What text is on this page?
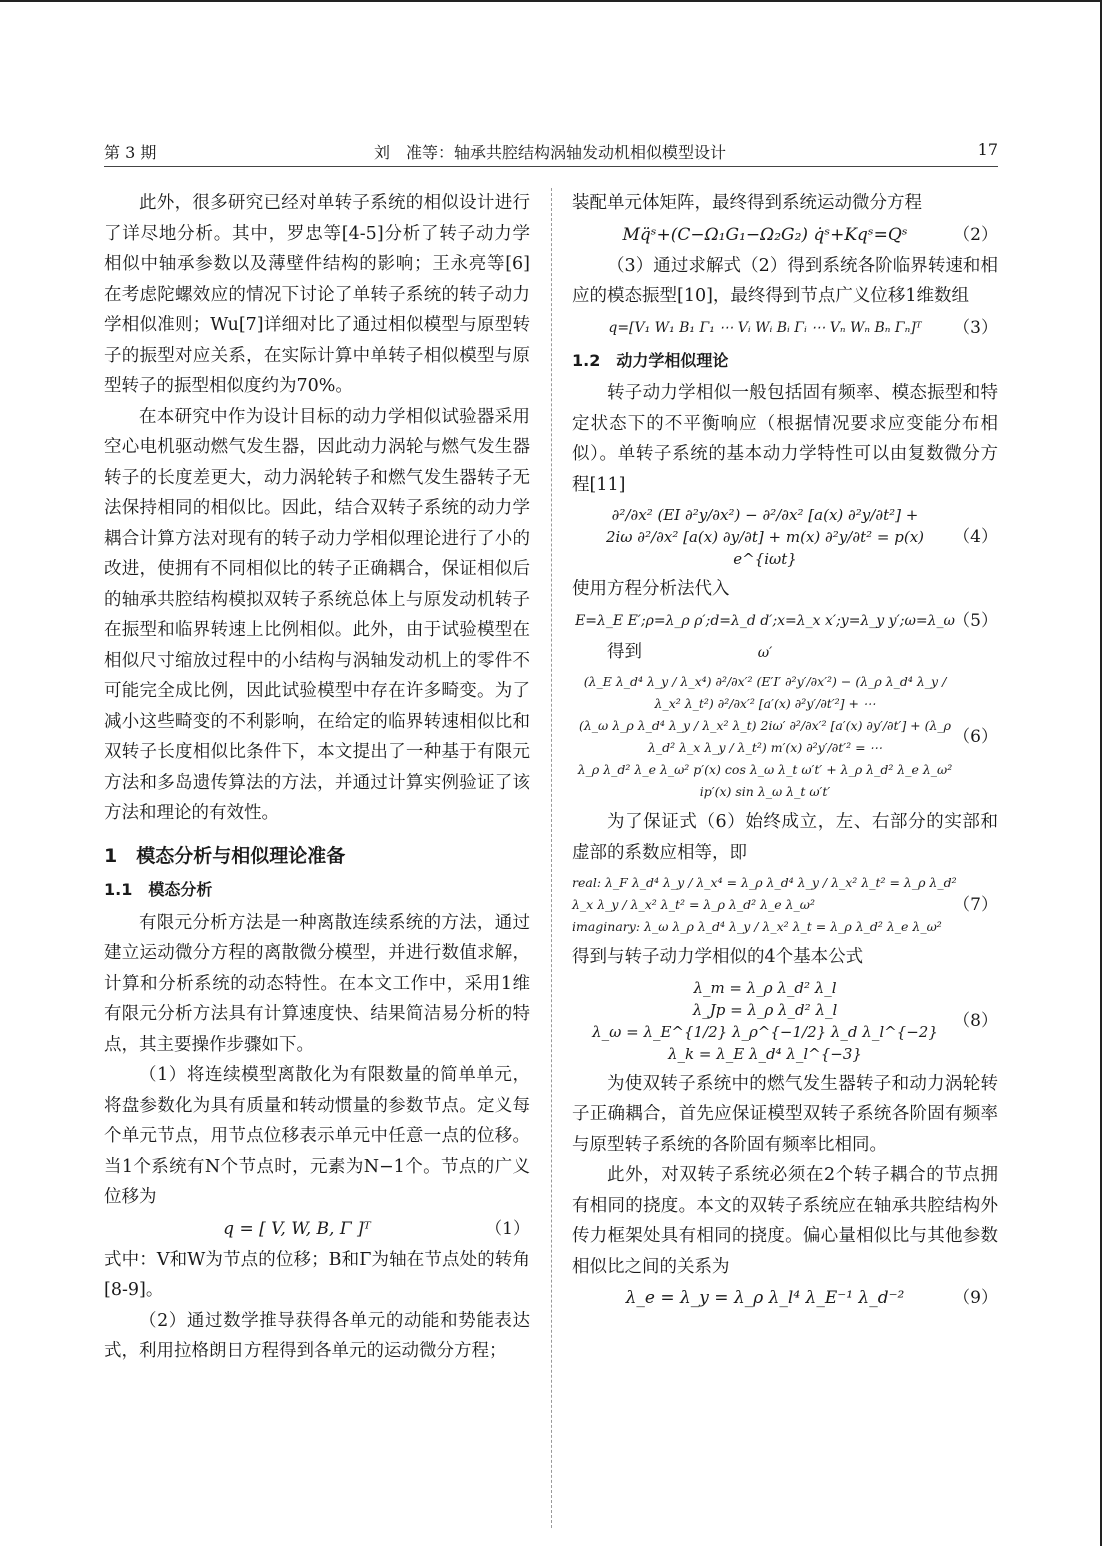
第 3 期	刘　准等：轴承共腔结构涡轴发动机相似模型设计	17

此外，很多研究已经对单转子系统的相似设计进行了详尽地分析。其中，罗忠等[4-5]分析了转子动力学相似中轴承参数以及薄壁件结构的影响；王永亮等[6]在考虑陀螺效应的情况下讨论了单转子系统的转子动力学相似准则；Wu[7]详细对比了通过相似模型与原型转子的振型对应关系，在实际计算中单转子相似模型与原型转子的振型相似度约为70%。

在本研究中作为设计目标的动力学相似试验器采用空心电机驱动燃气发生器，因此动力涡轮与燃气发生器转子的长度差更大，动力涡轮转子和燃气发生器转子无法保持相同的相似比。因此，结合双转子系统的动力学耦合计算方法对现有的转子动力学相似理论进行了小的改进，使拥有不同相似比的转子正确耦合，保证相似后的轴承共腔结构模拟双转子系统总体上与原发动机转子在振型和临界转速上比例相似。此外，由于试验模型在相似尺寸缩放过程中的小结构与涡轴发动机上的零件不可能完全成比例，因此试验模型中存在许多畸变。为了减小这些畸变的不利影响，在给定的临界转速相似比和双转子长度相似比条件下，本文提出了一种基于有限元方法和多岛遗传算法的方法，并通过计算实例验证了该方法和理论的有效性。

1　模态分析与相似理论准备
1.1　模态分析

有限元分析方法是一种离散连续系统的方法，通过建立运动微分方程的离散微分模型，并进行数值求解，计算和分析系统的动态特性。在本文工作中，采用1维有限元分析方法具有计算速度快、结果简洁易分析的特点，其主要操作步骤如下。

（1）将连续模型离散化为有限数量的简单单元，将盘参数化为具有质量和转动惯量的参数节点。定义每个单元节点，用节点位移表示单元中任意一点的位移。当1个系统有N个节点时，元素为N−1个。节点的广义位移为

q = [ V, W, B, Γ ]ᵀ	（1）

式中：V和W为节点的位移；B和Γ为轴在节点处的转角[8-9]。

（2）通过数学推导获得各单元的动能和势能表达式，利用拉格朗日方程得到各单元的运动微分方程；

装配单元体矩阵，最终得到系统运动微分方程

Mq̈ˢ+(C−Ω₁G₁−Ω₂G₂) q̇ˢ+Kqˢ=Qˢ	（2）

（3）通过求解式（2）得到系统各阶临界转速和相应的模态振型[10]，最终得到节点广义位移1维数组

q=[V₁ W₁ B₁ Γ₁ ⋯ Vᵢ Wᵢ Bᵢ Γᵢ ⋯ Vₙ Wₙ Bₙ Γₙ]ᵀ	（3）
1.2　动力学相似理论

转子动力学相似一般包括固有频率、模态振型和特定状态下的不平衡响应（根据情况要求应变能分布相似）。单转子系统的基本动力学特性可以由复数微分方程[11]

∂²/∂x² (EI ∂²y/∂x²) − ∂²/∂x² [a(x) ∂²y/∂t²] +
2iω ∂²/∂x² [a(x) ∂y/∂t] + m(x) ∂²y/∂t² = p(x) e^{iωt}
（4）

使用方程分析法代入

E=λ_E E′;ρ=λ_ρ ρ′;d=λ_d d′;x=λ_x x′;y=λ_y y′;ω=λ_ω ω′
（5）

得到

(λ_E λ_d⁴ λ_y / λ_x⁴) ∂²/∂x′² (E′I′ ∂²y′/∂x′²) − (λ_ρ λ_d⁴ λ_y / λ_x² λ_t²) ∂²/∂x′² [a′(x) ∂²y′/∂t′²] + ⋯
(λ_ω λ_ρ λ_d⁴ λ_y / λ_x² λ_t) 2iω′ ∂²/∂x′² [a′(x) ∂y′/∂t′] + (λ_ρ λ_d² λ_x λ_y / λ_t²) m′(x) ∂²y′/∂t′² = ⋯
λ_ρ λ_d² λ_e λ_ω² p′(x) cos λ_ω λ_t ω′t′ + λ_ρ λ_d² λ_e λ_ω² ip′(x) sin λ_ω λ_t ω′t′
（6）

为了保证式（6）始终成立，左、右部分的实部和虚部的系数应相等，即

real: λ_F λ_d⁴ λ_y / λ_x⁴ = λ_ρ λ_d⁴ λ_y / λ_x² λ_t² = λ_ρ λ_d² λ_x λ_y / λ_x² λ_t² = λ_ρ λ_d² λ_e λ_ω²
imaginary: λ_ω λ_ρ λ_d⁴ λ_y / λ_x² λ_t = λ_ρ λ_d² λ_e λ_ω²
（7）

得到与转子动力学相似的4个基本公式

λ_m = λ_ρ λ_d² λ_l
λ_Jp = λ_ρ λ_d² λ_l
λ_ω = λ_E^{1/2} λ_ρ^{−1/2} λ_d λ_l^{−2}
λ_k = λ_E λ_d⁴ λ_l^{−3}
（8）

为使双转子系统中的燃气发生器转子和动力涡轮转子正确耦合，首先应保证模型双转子系统各阶固有频率与原型转子系统的各阶固有频率比相同。

此外，对双转子系统必须在2个转子耦合的节点拥有相同的挠度。本文的双转子系统应在轴承共腔结构外传力框架处具有相同的挠度。偏心量相似比与其他参数相似比之间的关系为

λ_e = λ_y = λ_ρ λ_l⁴ λ_E⁻¹ λ_d⁻²	（9）
